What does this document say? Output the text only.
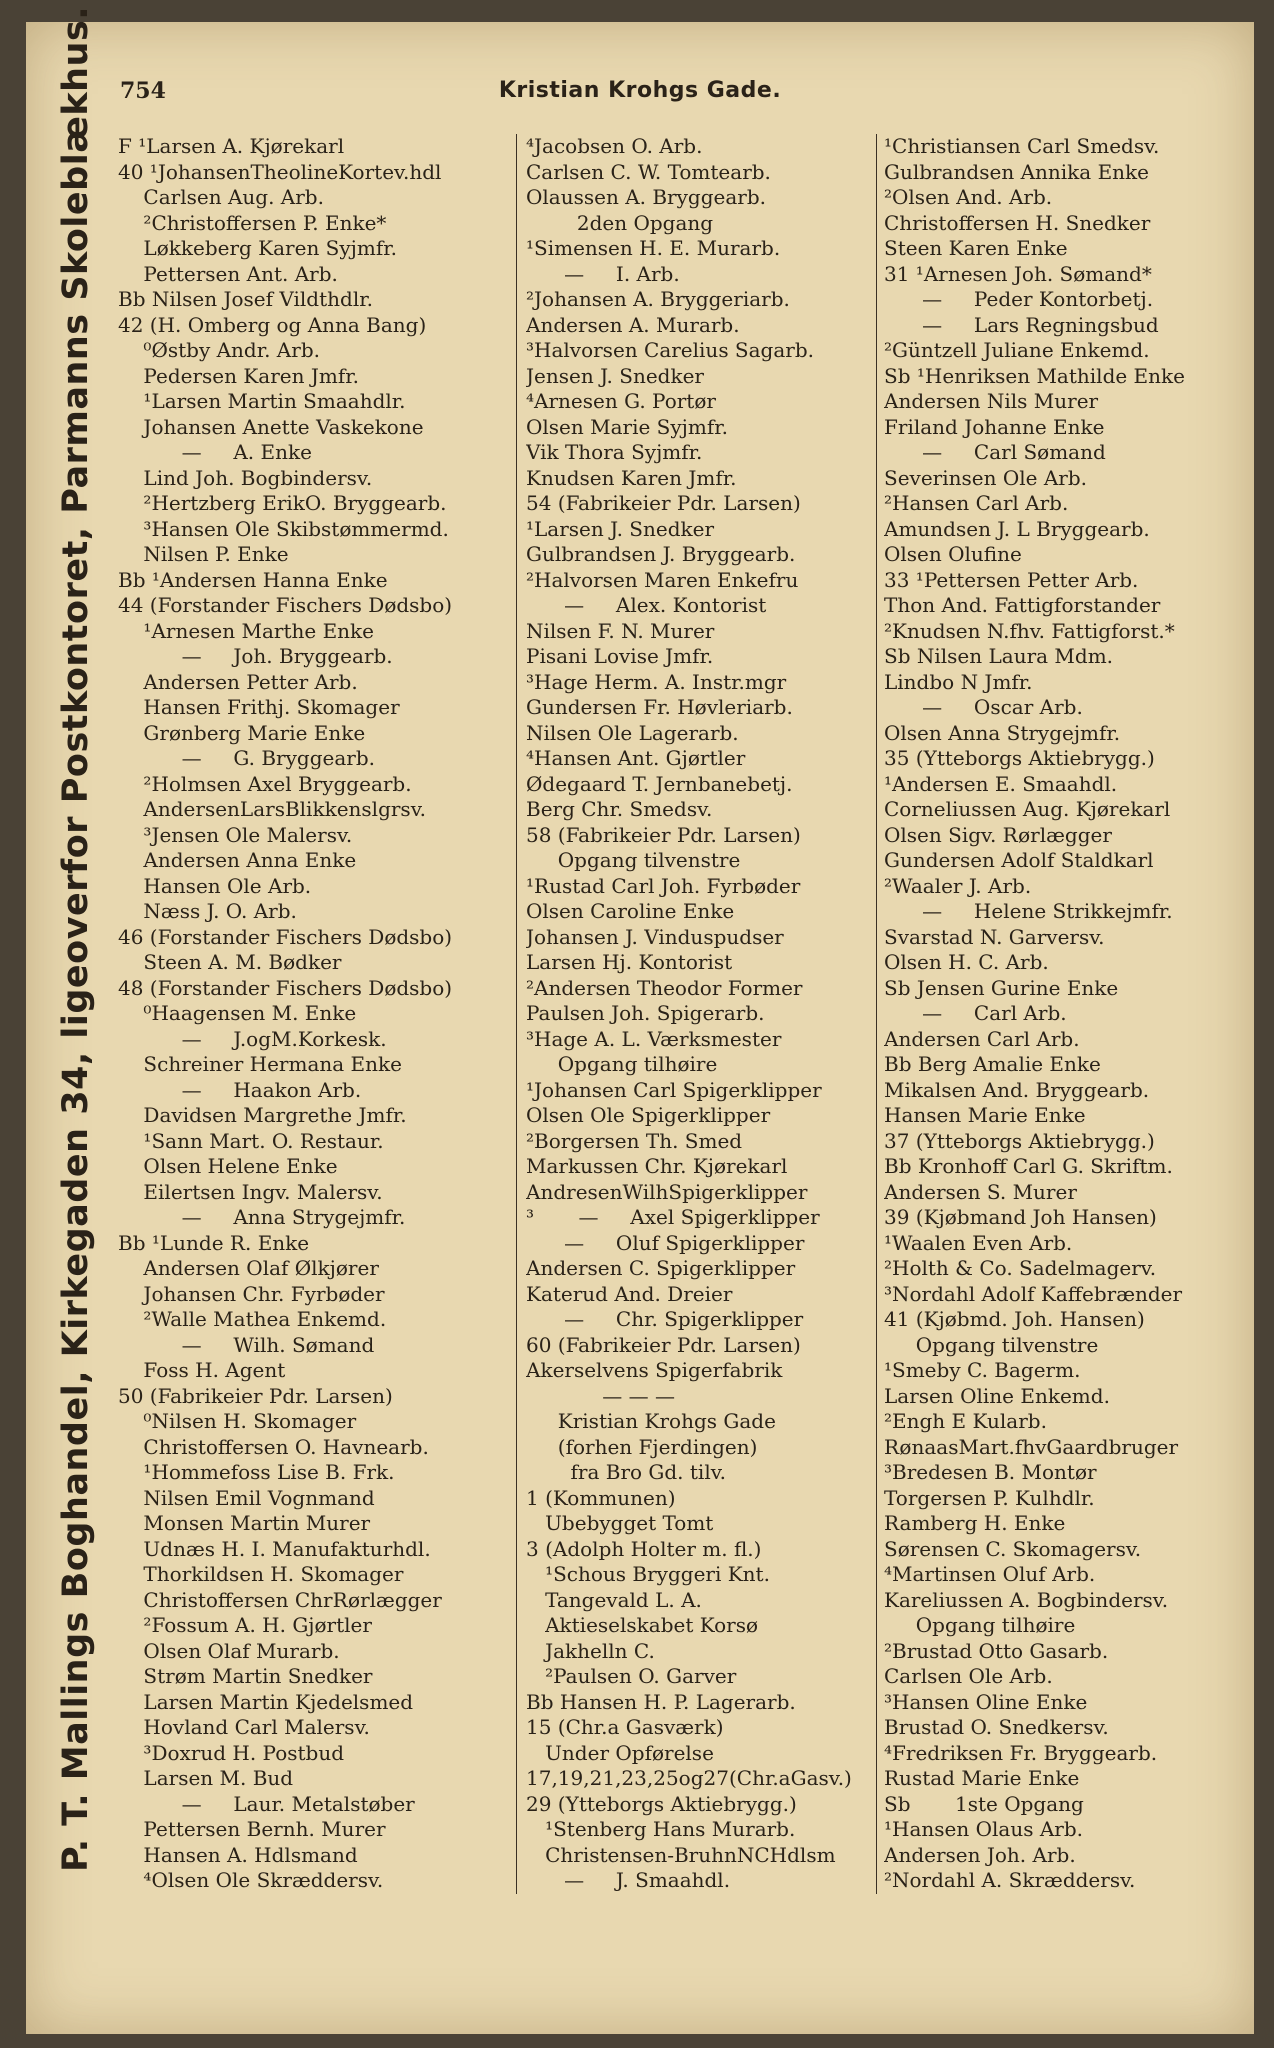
754	Kristian Krohgs Gade.
P. T. Mallings Boghandel, Kirkegaden 34, ligeoverfor Postkontoret, Parmanns Skoleblækhus.	Ϝ ¹Larsen A. Kjørekarl
40 ¹JohansenTheolineKortev.hdl
Carlsen Aug. Arb.
²Christoffersen P. Enke*
Løkkeberg Karen Syjmfr.
Pettersen Ant. Arb.
Bb Nilsen Josef Vildthdlr.
42 (H. Omberg og Anna Bang)
⁰Østby Andr. Arb.
Pedersen Karen Jmfr.
¹Larsen Martin Smaahdlr.
Johansen Anette Vaskekone
—     A. Enke
Lind Joh. Bogbindersv.
²Hertzberg ErikO. Bryggearb.
³Hansen Ole Skibstømmermd.
Nilsen P. Enke
Bb ¹Andersen Hanna Enke
44 (Forstander Fischers Dødsbo)
¹Arnesen Marthe Enke
—     Joh. Bryggearb.
Andersen Petter Arb.
Hansen Frithj. Skomager
Grønberg Marie Enke
—     G. Bryggearb.
²Holmsen Axel Bryggearb.
AndersenLarsBlikkenslgrsv.
³Jensen Ole Malersv.
Andersen Anna Enke
Hansen Ole Arb.
Næss J. O. Arb.
46 (Forstander Fischers Dødsbo)
Steen A. M. Bødker
48 (Forstander Fischers Dødsbo)
⁰Haagensen M. Enke
—     J.ogM.Korkesk.
Schreiner Hermana Enke
—     Haakon Arb.
Davidsen Margrethe Jmfr.
¹Sann Mart. O. Restaur.
Olsen Helene Enke
Eilertsen Ingv. Malersv.
—     Anna Strygejmfr.
Bb ¹Lunde R. Enke
Andersen Olaf Ølkjører
Johansen Chr. Fyrbøder
²Walle Mathea Enkemd.
—     Wilh. Sømand
Foss H. Agent
50 (Fabrikeier Pdr. Larsen)
⁰Nilsen H. Skomager
Christoffersen O. Havnearb.
¹Hommefoss Lise B. Frk.
Nilsen Emil Vognmand
Monsen Martin Murer
Udnæs H. I. Manufakturhdl.
Thorkildsen H. Skomager
Christoffersen ChrRørlægger
²Fossum A. H. Gjørtler
Olsen Olaf Murarb.
Strøm Martin Snedker
Larsen Martin Kjedelsmed
Hovland Carl Malersv.
³Doxrud H. Postbud
Larsen M. Bud
—     Laur. Metalstøber
Pettersen Bernh. Murer
Hansen A. Hdlsmand
⁴Olsen Ole Skræddersv.
⁴Jacobsen O. Arb.
Carlsen C. W. Tomtearb.
Olaussen A. Bryggearb.
2den Opgang
¹Simensen H. E. Murarb.
—     I. Arb.
²Johansen A. Bryggeriarb.
Andersen A. Murarb.
³Halvorsen Carelius Sagarb.
Jensen J. Snedker
⁴Arnesen G. Portør
Olsen Marie Syjmfr.
Vik Thora Syjmfr.
Knudsen Karen Jmfr.
54 (Fabrikeier Pdr. Larsen)
¹Larsen J. Snedker
Gulbrandsen J. Bryggearb.
²Halvorsen Maren Enkefru
—     Alex. Kontorist
Nilsen F. N. Murer
Pisani Lovise Jmfr.
³Hage Herm. A. Instr.mgr
Gundersen Fr. Høvleriarb.
Nilsen Ole Lagerarb.
⁴Hansen Ant. Gjørtler
Ødegaard T. Jernbanebetj.
Berg Chr. Smedsv.
58 (Fabrikeier Pdr. Larsen)
Opgang tilvenstre
¹Rustad Carl Joh. Fyrbøder
Olsen Caroline Enke
Johansen J. Vinduspudser
Larsen Hj. Kontorist
²Andersen Theodor Former
Paulsen Joh. Spigerarb.
³Hage A. L. Værksmester
Opgang tilhøire
¹Johansen Carl Spigerklipper
Olsen Ole Spigerklipper
²Borgersen Th. Smed
Markussen Chr. Kjørekarl
AndresenWilhSpigerklipper
³       —     Axel Spigerklipper
—     Oluf Spigerklipper
Andersen C. Spigerklipper
Katerud And. Dreier
—     Chr. Spigerklipper
60 (Fabrikeier Pdr. Larsen)
Akerselvens Spigerfabrik
— — —
Kristian Krohgs Gade
(forhen Fjerdingen)
fra Bro Gd. tilv.
1 (Kommunen)
Ubebygget Tomt
3 (Adolph Holter m. fl.)
¹Schous Bryggeri Knt.
Tangevald L. A.
Aktieselskabet Korsø
Jakhelln C.
²Paulsen O. Garver
Bb Hansen H. P. Lagerarb.
15 (Chr.a Gasværk)
Under Opførelse
17,19,21,23,25og27(Chr.aGasv.)
29 (Ytteborgs Aktiebrygg.)
¹Stenberg Hans Murarb.
Christensen-BruhnNCHdlsm
—     J. Smaahdl.
¹Christiansen Carl Smedsv.
Gulbrandsen Annika Enke
²Olsen And. Arb.
Christoffersen H. Snedker
Steen Karen Enke
31 ¹Arnesen Joh. Sømand*
—     Peder Kontorbetj.
—     Lars Regningsbud
²Güntzell Juliane Enkemd.
Sb ¹Henriksen Mathilde Enke
Andersen Nils Murer
Friland Johanne Enke
—     Carl Sømand
Severinsen Ole Arb.
²Hansen Carl Arb.
Amundsen J. L Bryggearb.
Olsen Olufine
33 ¹Pettersen Petter Arb.
Thon And. Fattigforstander
²Knudsen N.fhv. Fattigforst.*
Sb Nilsen Laura Mdm.
Lindbo N Jmfr.
—     Oscar Arb.
Olsen Anna Strygejmfr.
35 (Ytteborgs Aktiebrygg.)
¹Andersen E. Smaahdl.
Corneliussen Aug. Kjørekarl
Olsen Sigv. Rørlægger
Gundersen Adolf Staldkarl
²Waaler J. Arb.
—     Helene Strikkejmfr.
Svarstad N. Garversv.
Olsen H. C. Arb.
Sb Jensen Gurine Enke
—     Carl Arb.
Andersen Carl Arb.
Bb Berg Amalie Enke
Mikalsen And. Bryggearb.
Hansen Marie Enke
37 (Ytteborgs Aktiebrygg.)
Bb Kronhoff Carl G. Skriftm.
Andersen S. Murer
39 (Kjøbmand Joh Hansen)
¹Waalen Even Arb.
²Holth & Co. Sadelmagerv.
³Nordahl Adolf Kaffebrænder
41 (Kjøbmd. Joh. Hansen)
Opgang tilvenstre
¹Smeby C. Bagerm.
Larsen Oline Enkemd.
²Engh E Kularb.
RønaasMart.fhvGaardbruger
³Bredesen B. Montør
Torgersen P. Kulhdlr.
Ramberg H. Enke
Sørensen C. Skomagersv.
⁴Martinsen Oluf Arb.
Kareliussen A. Bogbindersv.
Opgang tilhøire
²Brustad Otto Gasarb.
Carlsen Ole Arb.
³Hansen Oline Enke
Brustad O. Snedkersv.
⁴Fredriksen Fr. Bryggearb.
Rustad Marie Enke
Sb       1ste Opgang
¹Hansen Olaus Arb.
Andersen Joh. Arb.
²Nordahl A. Skræddersv.
